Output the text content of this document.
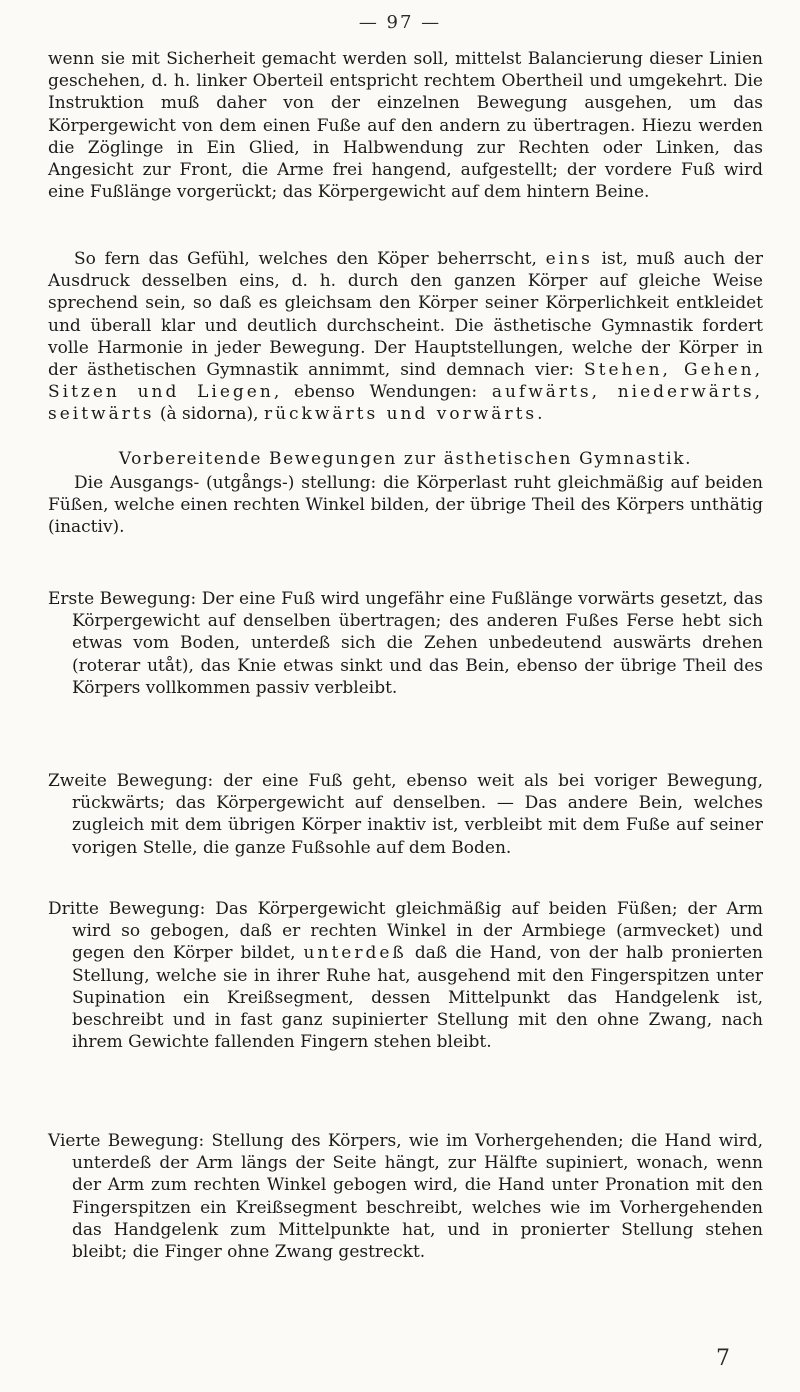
— 97 —

wenn sie mit Sicherheit gemacht werden soll, mittelst Balancierung dieser Linien geschehen, d. h. linker Oberteil entspricht rechtem Obertheil und umgekehrt. Die Instruktion muß daher von der einzelnen Bewegung ausgehen, um das Körpergewicht von dem einen Fuße auf den andern zu übertragen. Hiezu werden die Zöglinge in Ein Glied, in Halbwendung zur Rechten oder Linken, das Angesicht zur Front, die Arme frei hangend, aufgestellt; der vordere Fuß wird eine Fußlänge vorgerückt; das Körpergewicht auf dem hintern Beine.

So fern das Gefühl, welches den Köper beherrscht, eins ist, muß auch der Ausdruck desselben eins, d. h. durch den ganzen Körper auf gleiche Weise sprechend sein, so daß es gleichsam den Körper seiner Körperlichkeit entkleidet und überall klar und deutlich durchscheint. Die ästhetische Gymnastik fordert volle Harmonie in jeder Bewegung. Der Hauptstellungen, welche der Körper in der ästhetischen Gymnastik annimmt, sind demnach vier: Stehen, Gehen, Sitzen und Liegen, ebenso Wendungen: aufwärts, niederwärts, seitwärts (à sidorna), rückwärts und vorwärts.

Vorbereitende Bewegungen zur ästhetischen Gymnastik.

Die Ausgangs- (utgångs-) stellung: die Körperlast ruht gleichmäßig auf beiden Füßen, welche einen rechten Winkel bilden, der übrige Theil des Körpers unthätig (inactiv).

Erste Bewegung: Der eine Fuß wird ungefähr eine Fußlänge vorwärts gesetzt, das Körpergewicht auf denselben übertragen; des anderen Fußes Ferse hebt sich etwas vom Boden, unterdeß sich die Zehen unbedeutend auswärts drehen (roterar utåt), das Knie etwas sinkt und das Bein, ebenso der übrige Theil des Körpers vollkommen passiv verbleibt.

Zweite Bewegung: der eine Fuß geht, ebenso weit als bei voriger Bewegung, rückwärts; das Körpergewicht auf denselben. — Das andere Bein, welches zugleich mit dem übrigen Körper inaktiv ist, verbleibt mit dem Fuße auf seiner vorigen Stelle, die ganze Fußsohle auf dem Boden.

Dritte Bewegung: Das Körpergewicht gleichmäßig auf beiden Füßen; der Arm wird so gebogen, daß er rechten Winkel in der Armbiege (armvecket) und gegen den Körper bildet, unterdeß daß die Hand, von der halb pronierten Stellung, welche sie in ihrer Ruhe hat, ausgehend mit den Fingerspitzen unter Supination ein Kreißsegment, dessen Mittelpunkt das Handgelenk ist, beschreibt und in fast ganz supinierter Stellung mit den ohne Zwang, nach ihrem Gewichte fallenden Fingern stehen bleibt.

Vierte Bewegung: Stellung des Körpers, wie im Vorhergehenden; die Hand wird, unterdeß der Arm längs der Seite hängt, zur Hälfte supiniert, wonach, wenn der Arm zum rechten Winkel gebogen wird, die Hand unter Pronation mit den Fingerspitzen ein Kreißsegment beschreibt, welches wie im Vorhergehenden das Handgelenk zum Mittelpunkte hat, und in pronierter Stellung stehen bleibt; die Finger ohne Zwang gestreckt.

7
